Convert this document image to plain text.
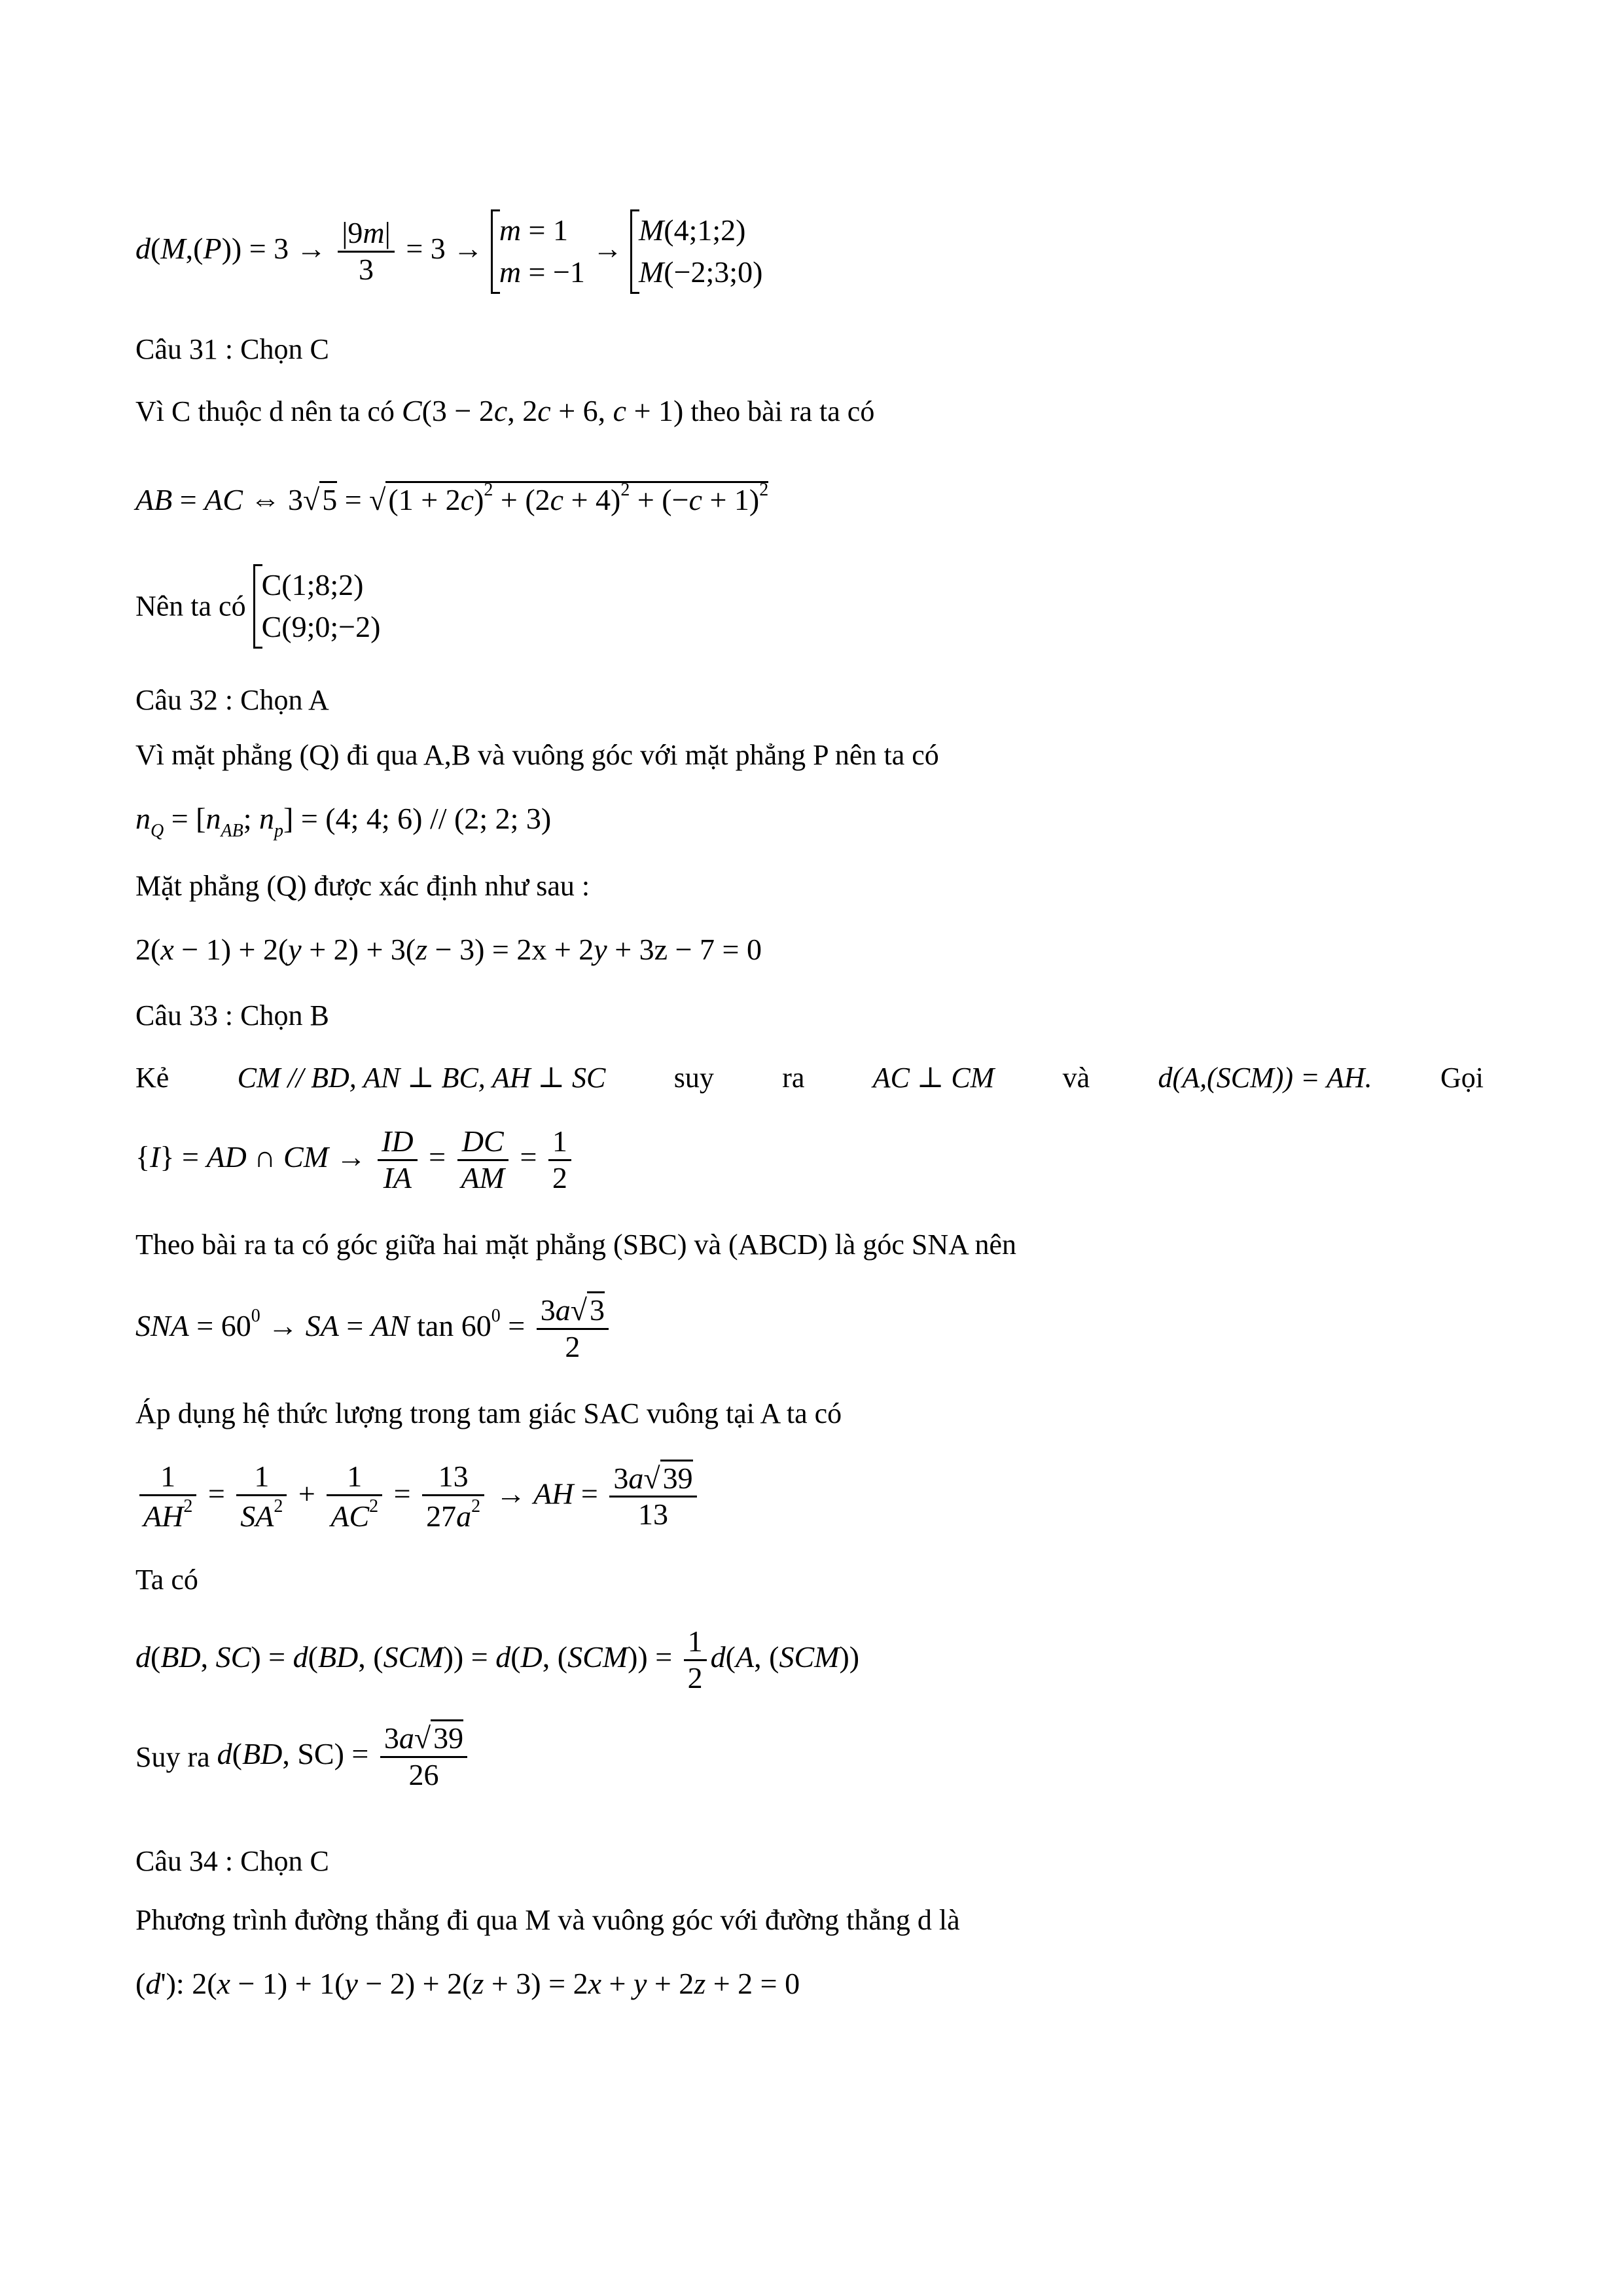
$d(M,(P)) = 3 \to \frac{|9m|}{3} = 3$ →
m = 1
m = −1
→
M(4;1;2)
M(−2;3;0)
Câu 31 : Chọn C
Vì C thuộc d nên ta có C(3 − 2c, 2c + 6, c + 1) theo bài ra ta có
AB = AC ⇔ $3√5 = √(1 + 2c)^2 + (2c + 4)^2 + (-c + 1)^2$
Nên ta có
C(1;8;2)
C(9;0;−2)
Câu 32 : Chọn A
Vì mặt phẳng (Q) đi qua A,B và vuông góc với mặt phẳng P nên ta có
$n_Q = [n_{AB}$; $n_p] = (4$; 4; 6) // (2; 2; 3)
Mặt phẳng (Q) được xác định như sau :
2(x − 1) + 2(y + 2) + 3(z − 3) = 2x + 2y + 3z − 7 = 0
Câu 33 : Chọn B
Kẻ CM // BD, AN ⊥ BC, AH ⊥ SC suy ra AC ⊥ CM và d(A,(SCM)) = AH. Gọi
{I} = AD ∩ CM → $\frac{ID}{IA} = \frac{DC}{AM} = \frac{1}{2}$
Theo bài ra ta có góc giữa hai mặt phẳng (SBC) và (ABCD) là góc SNA nên
SNA = $60^0$ → SA = AN $\tan 60^0 = \frac{3a√3}{2}$
Áp dụng hệ thức lượng trong tam giác SAC vuông tại A ta có
$\frac{1}{AH^2} = \frac{1}{SA^2} + \frac{1}{AC^2} = \frac{13}{27a^2}$ → AH = $\frac{3a√39}{13}$
Ta có
d(BD, SC) = d(BD, (SCM)) = d(D, $(SCM)) = \frac{1}{2} d(A$, (SCM))
Suy ra d(BD, $SC) = \frac{3a√39}{26}$
Câu 34 : Chọn C
Phương trình đường thẳng đi qua M và vuông góc với đường thẳng d là
(d'): 2(x − 1) + 1(y − 2) + 2(z + 3) = 2x + y + 2z + 2 = 0
